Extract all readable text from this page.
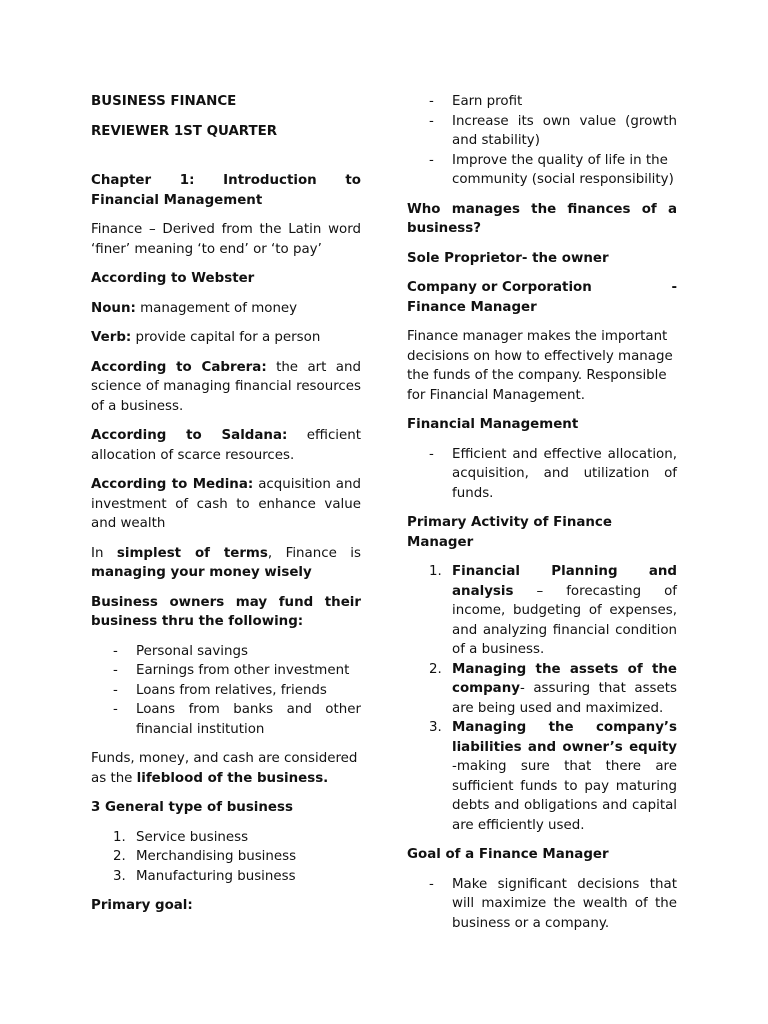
BUSINESS FINANCE

REVIEWER 1ST QUARTER

Chapter 1: Introduction to Financial Management

Finance – Derived from the Latin word ‘finer’ meaning ‘to end’ or ‘to pay’

According to Webster

Noun: management of money

Verb: provide capital for a person

According to Cabrera: the art and science of managing financial resources of a business.

According to Saldana: efficient allocation of scarce resources.

According to Medina: acquisition and investment of cash to enhance value and wealth

In simplest of terms, Finance is managing your money wisely

Business owners may fund their business thru the following:

- Personal savings
- Earnings from other investment
- Loans from relatives, friends
- Loans from banks and other financial institution

Funds, money, and cash are considered as the lifeblood of the business.

3 General type of business

1. Service business
2. Merchandising business
3. Manufacturing business

Primary goal:

- Earn profit
- Increase its own value (growth and stability)
- Improve the quality of life in the community (social responsibility)

Who manages the finances of a business?

Sole Proprietor- the owner

Company or Corporation	-
Finance Manager

Finance manager makes the important decisions on how to effectively manage the funds of the company. Responsible for Financial Management.

Financial Management

- Efficient and effective allocation, acquisition, and utilization of funds.

Primary Activity of Finance Manager

1. Financial Planning and analysis – forecasting of income, budgeting of expenses, and analyzing financial condition of a business.
2. Managing the assets of the company- assuring that assets are being used and maximized.
3. Managing the company’s liabilities and owner’s equity -making sure that there are sufficient funds to pay maturing debts and obligations and capital are efficiently used.

Goal of a Finance Manager

- Make significant decisions that will maximize the wealth of the business or a company.
